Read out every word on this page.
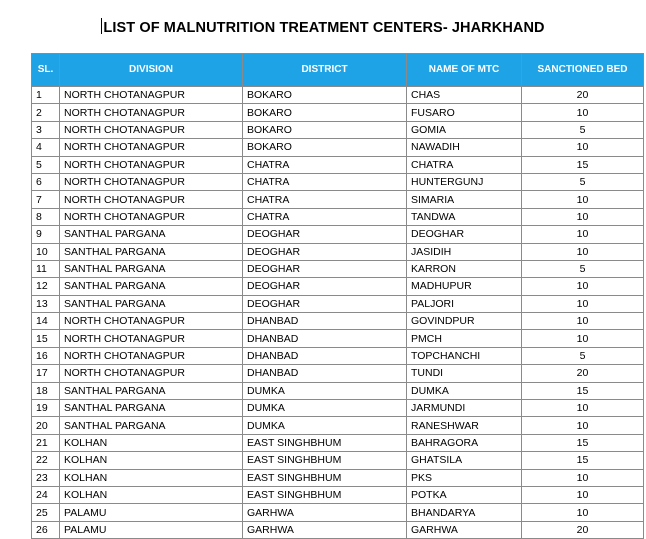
LIST OF MALNUTRITION TREATMENT CENTERS- JHARKHAND
SL.	DIVISION	DISTRICT	NAME OF MTC	SANCTIONED BED
1	NORTH CHOTANAGPUR	BOKARO	CHAS	20
2	NORTH CHOTANAGPUR	BOKARO	FUSARO	10
3	NORTH CHOTANAGPUR	BOKARO	GOMIA	5
4	NORTH CHOTANAGPUR	BOKARO	NAWADIH	10
5	NORTH CHOTANAGPUR	CHATRA	CHATRA	15
6	NORTH CHOTANAGPUR	CHATRA	HUNTERGUNJ	5
7	NORTH CHOTANAGPUR	CHATRA	SIMARIA	10
8	NORTH CHOTANAGPUR	CHATRA	TANDWA	10
9	SANTHAL PARGANA	DEOGHAR	DEOGHAR	10
10	SANTHAL PARGANA	DEOGHAR	JASIDIH	10
11	SANTHAL PARGANA	DEOGHAR	KARRON	5
12	SANTHAL PARGANA	DEOGHAR	MADHUPUR	10
13	SANTHAL PARGANA	DEOGHAR	PALJORI	10
14	NORTH CHOTANAGPUR	DHANBAD	GOVINDPUR	10
15	NORTH CHOTANAGPUR	DHANBAD	PMCH	10
16	NORTH CHOTANAGPUR	DHANBAD	TOPCHANCHI	5
17	NORTH CHOTANAGPUR	DHANBAD	TUNDI	20
18	SANTHAL PARGANA	DUMKA	DUMKA	15
19	SANTHAL PARGANA	DUMKA	JARMUNDI	10
20	SANTHAL PARGANA	DUMKA	RANESHWAR	10
21	KOLHAN	EAST SINGHBHUM	BAHRAGORA	15
22	KOLHAN	EAST SINGHBHUM	GHATSILA	15
23	KOLHAN	EAST SINGHBHUM	PKS	10
24	KOLHAN	EAST SINGHBHUM	POTKA	10
25	PALAMU	GARHWA	BHANDARYA	10
26	PALAMU	GARHWA	GARHWA	20
